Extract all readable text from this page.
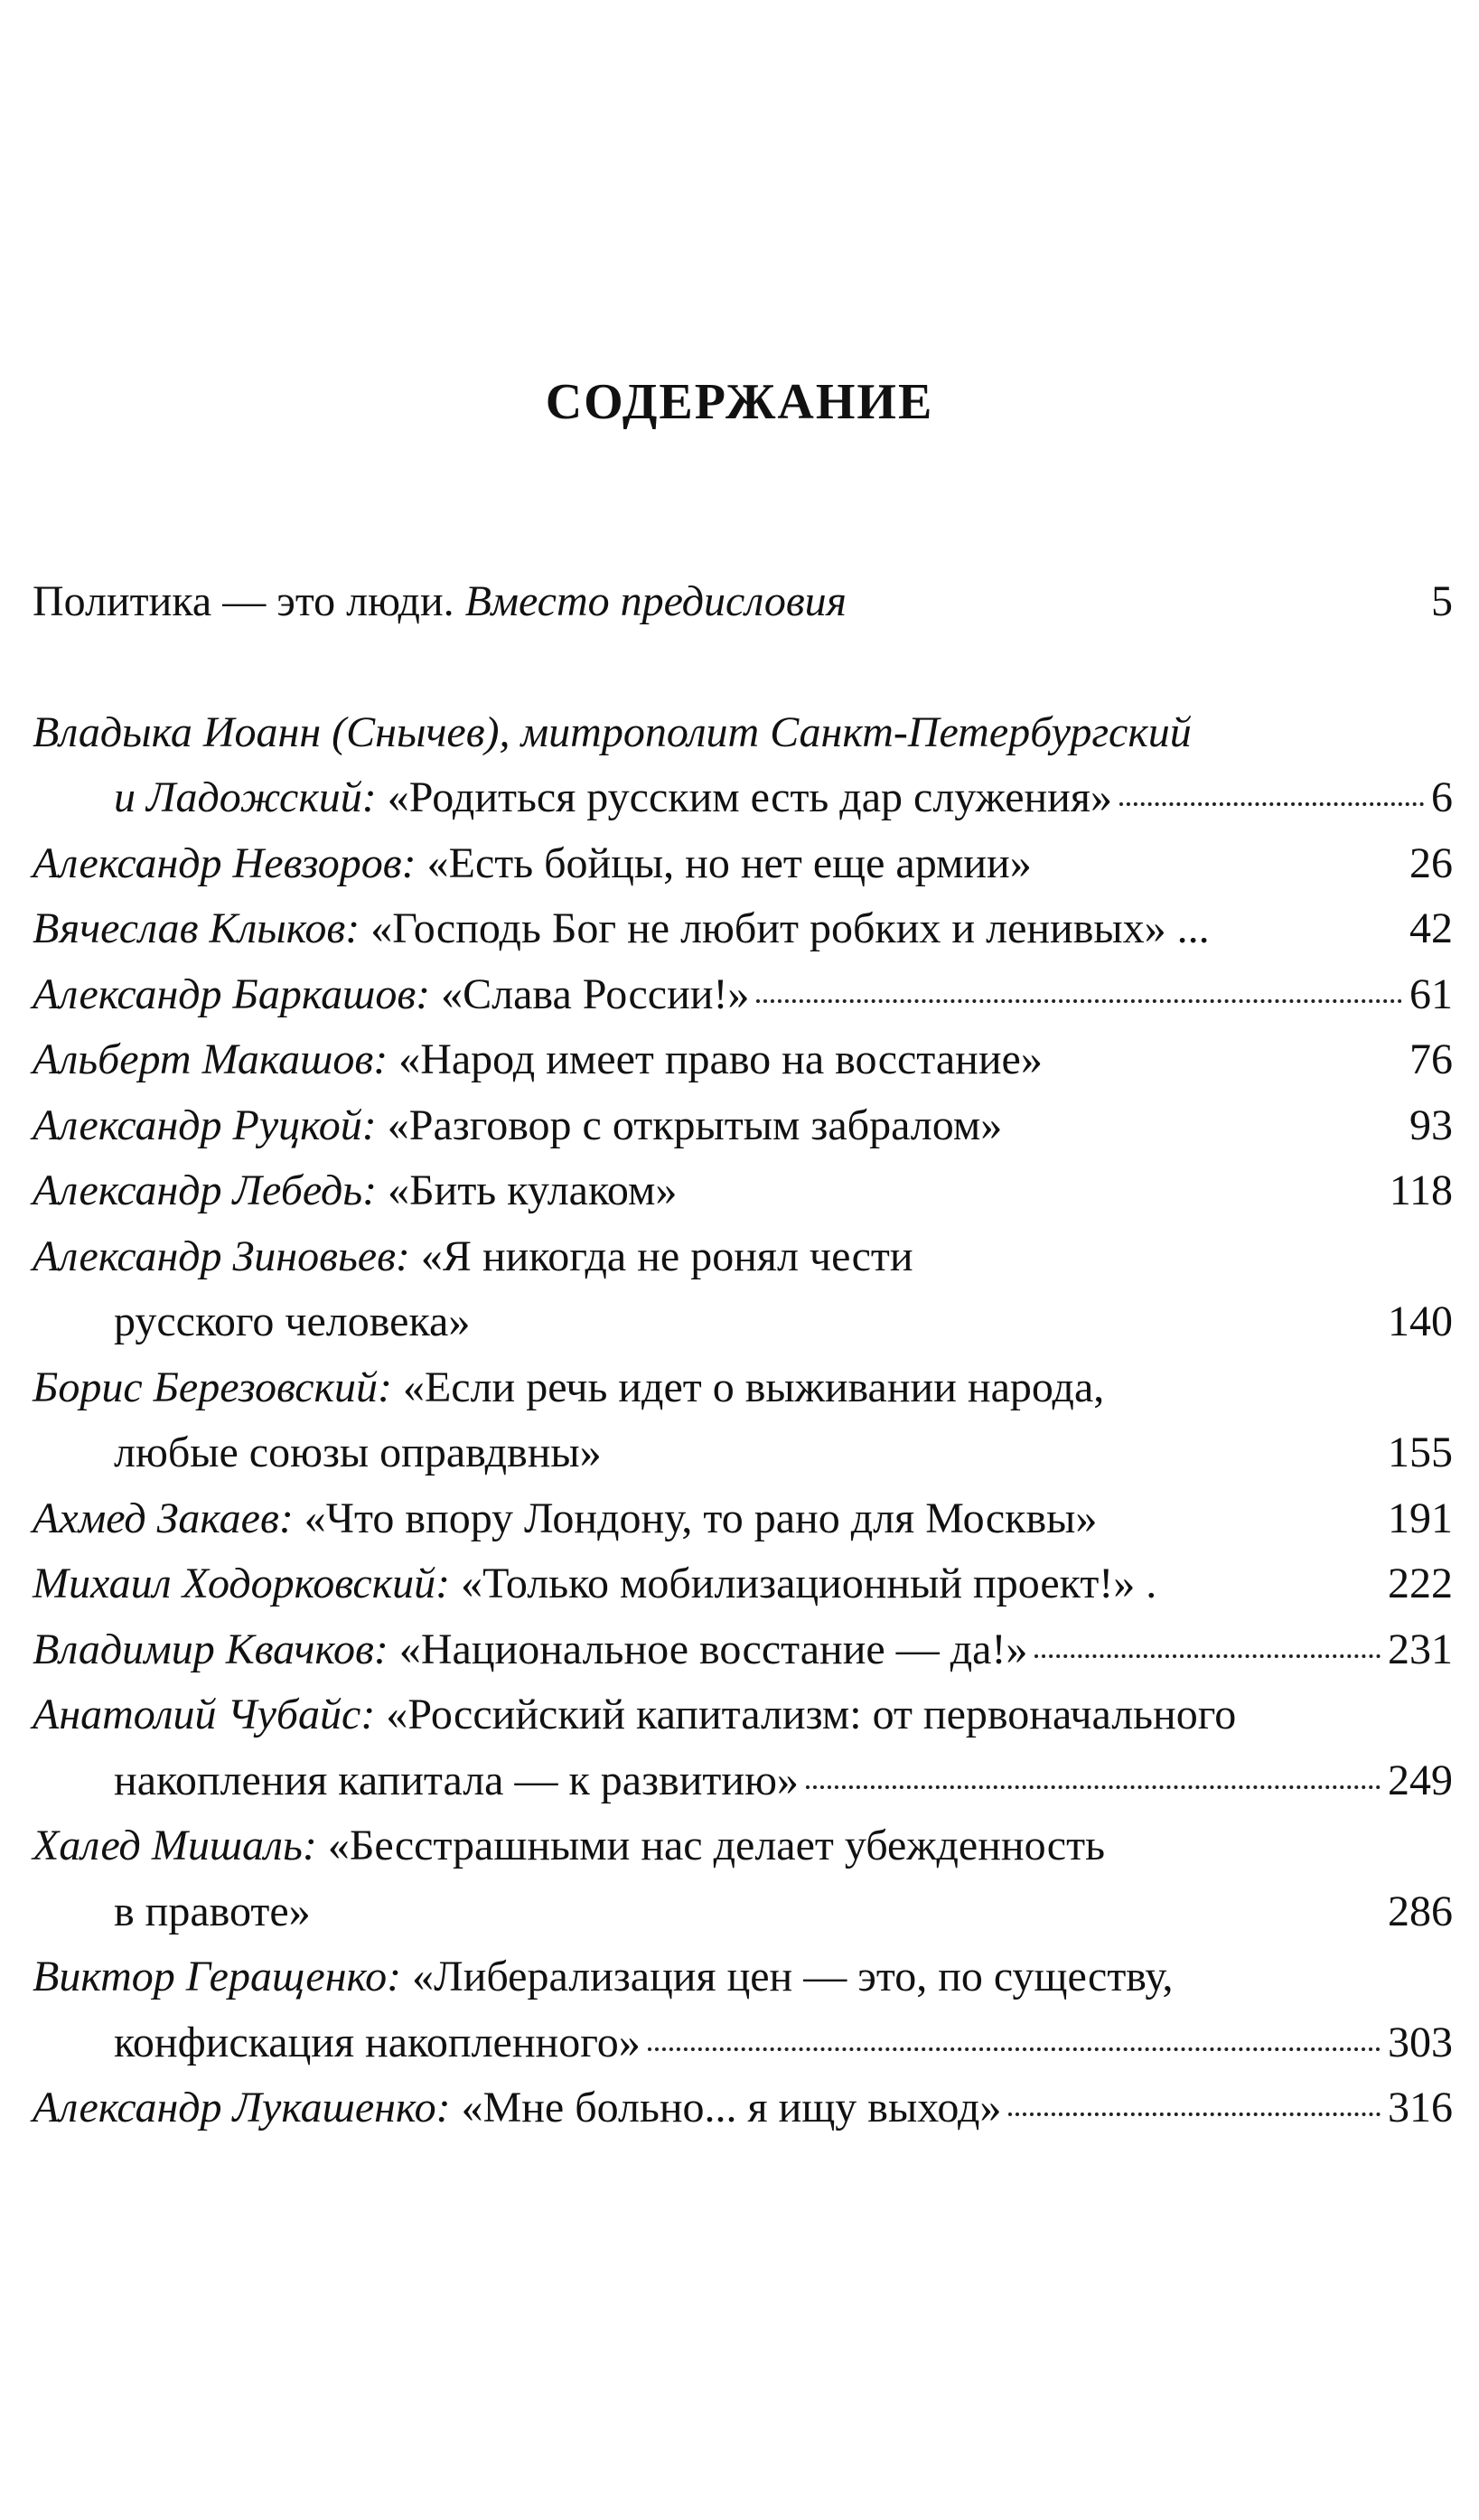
СОДЕРЖАНИЕ
Политика — это люди. Вместо предисловия	5
Владыка Иоанн (Снычев), митрополит Санкт-Петербургский
и Ладожский: «Родиться русским есть дар служения»	6
Александр Невзоров: «Есть бойцы, но нет еще армии»	26
Вячеслав Клыков: «Господь Бог не любит робких и ленивых» ...	42
Александр Баркашов: «Слава России!»	61
Альберт Макашов: «Народ имеет право на восстание»	76
Александр Руцкой: «Разговор с открытым забралом»	93
Александр Лебедь: «Бить кулаком»	118
Александр Зиновьев: «Я никогда не ронял чести
русского человека»	140
Борис Березовский: «Если речь идет о выживании народа,
любые союзы оправдвны»	155
Ахмед Закаев: «Что впору Лондону, то рано для Москвы»	191
Михаил Ходорковский: «Только мобилизационный проект!» .	222
Владимир Квачков: «Национальное восстание — да!»	231
Анатолий Чубайс: «Российский капитализм: от первоначального
накопления капитала — к развитию»	249
Халед Мишаль: «Бесстрашными нас делает убежденность
в правоте»	286
Виктор Геращенко: «Либерализация цен — это, по существу,
конфискация накопленного»	303
Александр Лукашенко: «Мне больно... я ищу выход»	316
